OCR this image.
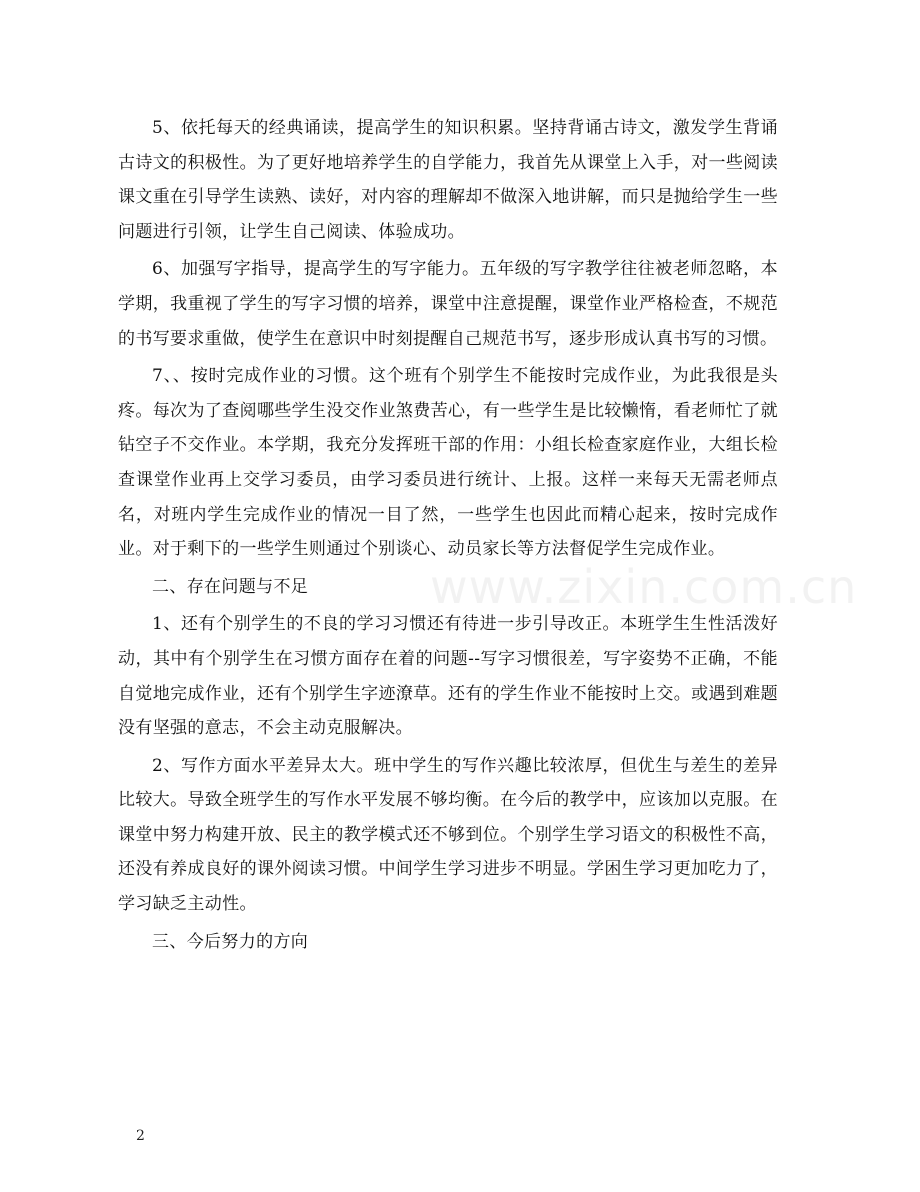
5、依托每天的经典诵读，提高学生的知识积累。坚持背诵古诗文，激发学生背诵古诗文的积极性。为了更好地培养学生的自学能力，我首先从课堂上入手，对一些阅读课文重在引导学生读熟、读好，对内容的理解却不做深入地讲解，而只是抛给学生一些问题进行引领，让学生自己阅读、体验成功。

6、加强写字指导，提高学生的写字能力。五年级的写字教学往往被老师忽略，本学期，我重视了学生的写字习惯的培养，课堂中注意提醒，课堂作业严格检查，不规范的书写要求重做，使学生在意识中时刻提醒自己规范书写，逐步形成认真书写的习惯。

7、、按时完成作业的习惯。这个班有个别学生不能按时完成作业，为此我很是头疼。每次为了查阅哪些学生没交作业煞费苦心，有一些学生是比较懒惰，看老师忙了就钻空子不交作业。本学期，我充分发挥班干部的作用：小组长检查家庭作业，大组长检查课堂作业再上交学习委员，由学习委员进行统计、上报。这样一来每天无需老师点名，对班内学生完成作业的情况一目了然，一些学生也因此而精心起来，按时完成作业。对于剩下的一些学生则通过个别谈心、动员家长等方法督促学生完成作业。

二、存在问题与不足

1、还有个别学生的不良的学习习惯还有待进一步引导改正。本班学生生性活泼好动，其中有个别学生在习惯方面存在着的问题--写字习惯很差，写字姿势不正确，不能自觉地完成作业，还有个别学生字迹潦草。还有的学生作业不能按时上交。或遇到难题没有坚强的意志，不会主动克服解决。

2、写作方面水平差异太大。班中学生的写作兴趣比较浓厚，但优生与差生的差异比较大。导致全班学生的写作水平发展不够均衡。在今后的教学中，应该加以克服。在课堂中努力构建开放、民主的教学模式还不够到位。个别学生学习语文的积极性不高，还没有养成良好的课外阅读习惯。中间学生学习进步不明显。学困生学习更加吃力了，学习缺乏主动性。

三、今后努力的方向

www.zixin.com.cn
2
